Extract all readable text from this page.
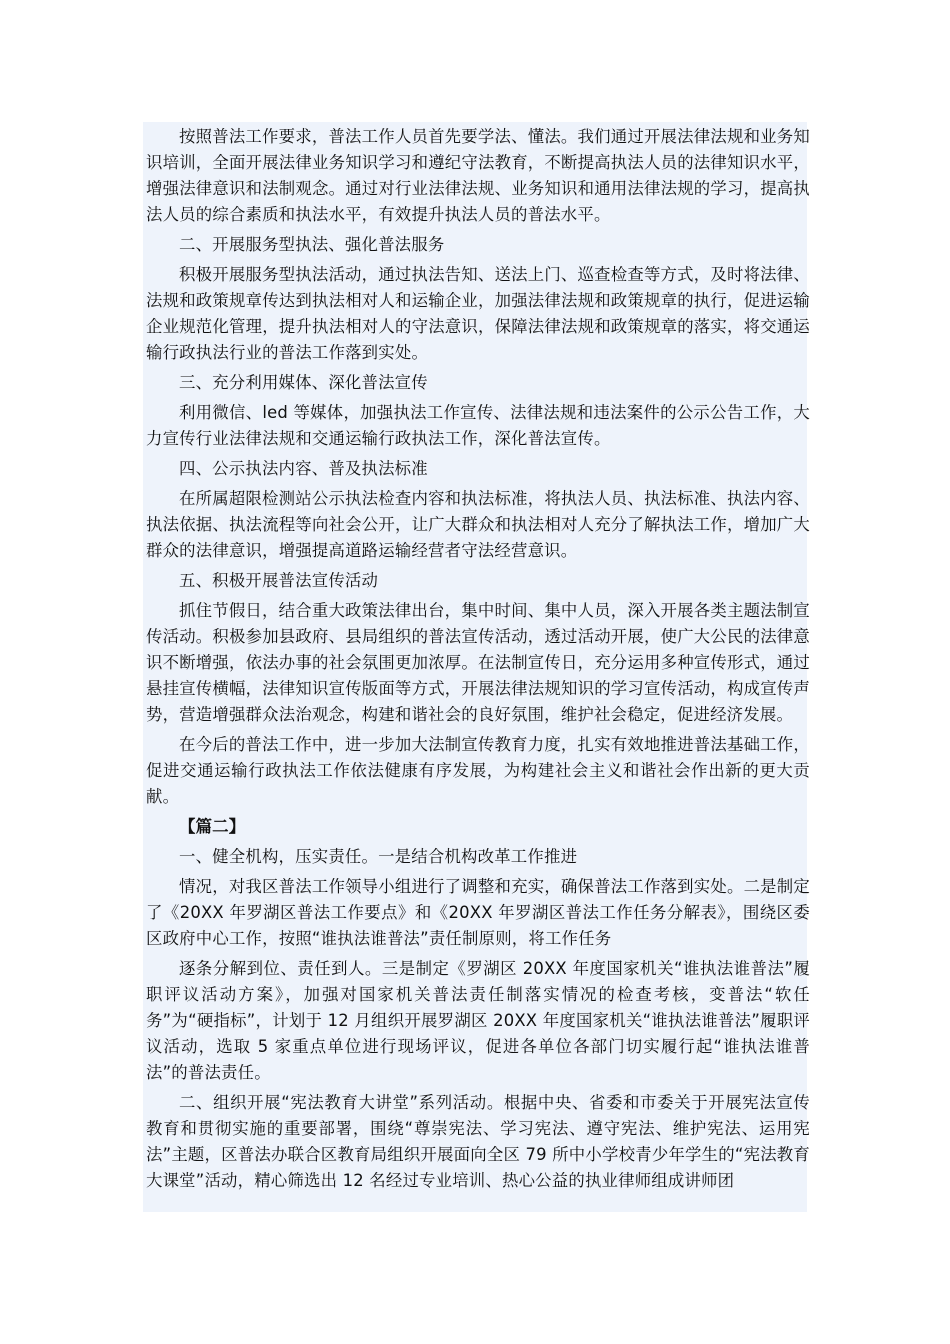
按照普法工作要求，普法工作人员首先要学法、懂法。我们通过开展法律法规和业务知识培训，全面开展法律业务知识学习和遵纪守法教育，不断提高执法人员的法律知识水平，增强法律意识和法制观念。通过对行业法律法规、业务知识和通用法律法规的学习，提高执法人员的综合素质和执法水平，有效提升执法人员的普法水平。

二、开展服务型执法、强化普法服务

积极开展服务型执法活动，通过执法告知、送法上门、巡查检查等方式，及时将法律、法规和政策规章传达到执法相对人和运输企业，加强法律法规和政策规章的执行，促进运输企业规范化管理，提升执法相对人的守法意识，保障法律法规和政策规章的落实，将交通运输行政执法行业的普法工作落到实处。

三、充分利用媒体、深化普法宣传

利用微信、led 等媒体，加强执法工作宣传、法律法规和违法案件的公示公告工作，大力宣传行业法律法规和交通运输行政执法工作，深化普法宣传。

四、公示执法内容、普及执法标准

在所属超限检测站公示执法检查内容和执法标准，将执法人员、执法标准、执法内容、执法依据、执法流程等向社会公开，让广大群众和执法相对人充分了解执法工作，增加广大群众的法律意识，增强提高道路运输经营者守法经营意识。

五、积极开展普法宣传活动

抓住节假日，结合重大政策法律出台，集中时间、集中人员，深入开展各类主题法制宣传活动。积极参加县政府、县局组织的普法宣传活动，透过活动开展，使广大公民的法律意识不断增强，依法办事的社会氛围更加浓厚。在法制宣传日，充分运用多种宣传形式，通过悬挂宣传横幅，法律知识宣传版面等方式，开展法律法规知识的学习宣传活动，构成宣传声势，营造增强群众法治观念，构建和谐社会的良好氛围，维护社会稳定，促进经济发展。

在今后的普法工作中，进一步加大法制宣传教育力度，扎实有效地推进普法基础工作，促进交通运输行政执法工作依法健康有序发展，为构建社会主义和谐社会作出新的更大贡献。

【篇二】

一、健全机构，压实责任。一是结合机构改革工作推进

情况，对我区普法工作领导小组进行了调整和充实，确保普法工作落到实处。二是制定了《20XX 年罗湖区普法工作要点》和《20XX 年罗湖区普法工作任务分解表》，围绕区委区政府中心工作，按照“谁执法谁普法”责任制原则，将工作任务

逐条分解到位、责任到人。三是制定《罗湖区 20XX 年度国家机关“谁执法谁普法”履职评议活动方案》，加强对国家机关普法责任制落实情况的检查考核，变普法“软任务”为“硬指标”，计划于 12 月组织开展罗湖区 20XX 年度国家机关“谁执法谁普法”履职评议活动，选取 5 家重点单位进行现场评议，促进各单位各部门切实履行起“谁执法谁普法”的普法责任。

二、组织开展“宪法教育大讲堂”系列活动。根据中央、省委和市委关于开展宪法宣传教育和贯彻实施的重要部署，围绕“尊崇宪法、学习宪法、遵守宪法、维护宪法、运用宪法”主题，区普法办联合区教育局组织开展面向全区 79 所中小学校青少年学生的“宪法教育大课堂”活动，精心筛选出 12 名经过专业培训、热心公益的执业律师组成讲师团
